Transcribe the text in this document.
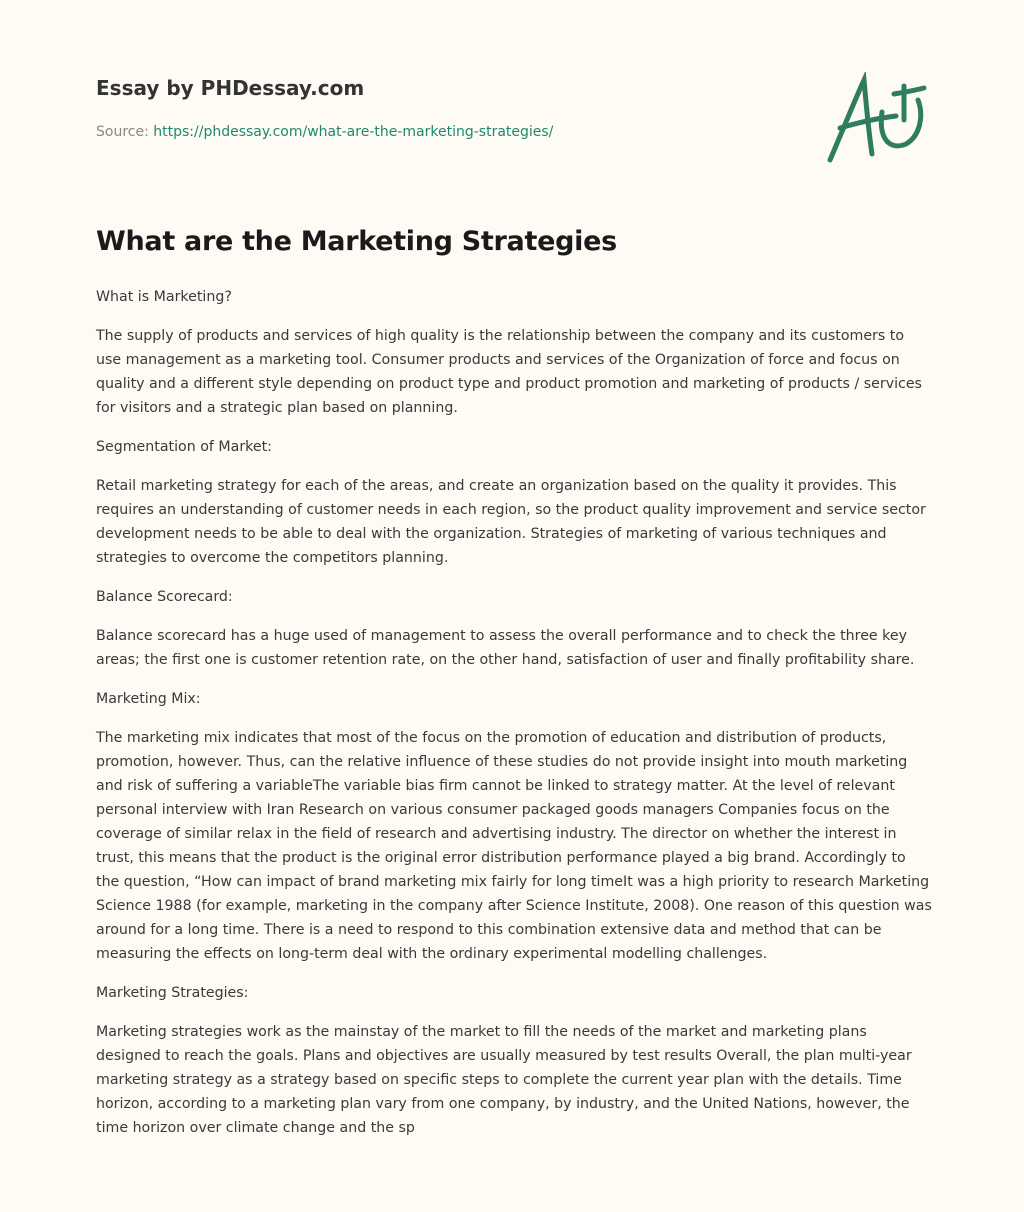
Essay by PHDessay.com
Source: https://phdessay.com/what-are-the-marketing-strategies/
What are the Marketing Strategies

What is Marketing?

The supply of products and services of high quality is the relationship between the company and its customers to use management as a marketing tool. Consumer products and services of the Organization of force and focus on quality and a different style depending on product type and product promotion and marketing of products / services for visitors and a strategic plan based on planning.

Segmentation of Market:

Retail marketing strategy for each of the areas, and create an organization based on the quality it provides. This requires an understanding of customer needs in each region, so the product quality improvement and service sector development needs to be able to deal with the organization. Strategies of marketing of various techniques and strategies to overcome the competitors planning.

Balance Scorecard:

Balance scorecard has a huge used of management to assess the overall performance and to check the three key areas; the first one is customer retention rate, on the other hand, satisfaction of user and finally profitability share.

Marketing Mix:

The marketing mix indicates that most of the focus on the promotion of education and distribution of products, promotion, however. Thus, can the relative influence of these studies do not provide insight into mouth marketing and risk of suffering a variableThe variable bias firm cannot be linked to strategy matter. At the level of relevant personal interview with Iran Research on various consumer packaged goods managers Companies focus on the coverage of similar relax in the field of research and advertising industry. The director on whether the interest in trust, this means that the product is the original error distribution performance played a big brand. Accordingly to the question, “How can impact of brand marketing mix fairly for long timeIt was a high priority to research Marketing Science 1988 (for example, marketing in the company after Science Institute, 2008). One reason of this question was around for a long time. There is a need to respond to this combination extensive data and method that can be measuring the effects on long-term deal with the ordinary experimental modelling challenges.

Marketing Strategies:

Marketing strategies work as the mainstay of the market to fill the needs of the market and marketing plans designed to reach the goals. Plans and objectives are usually measured by test results Overall, the plan multi-year marketing strategy as a strategy based on specific steps to complete the current year plan with the details. Time horizon, according to a marketing plan vary from one company, by industry, and the United Nations, however, the time horizon over climate change and the sp
